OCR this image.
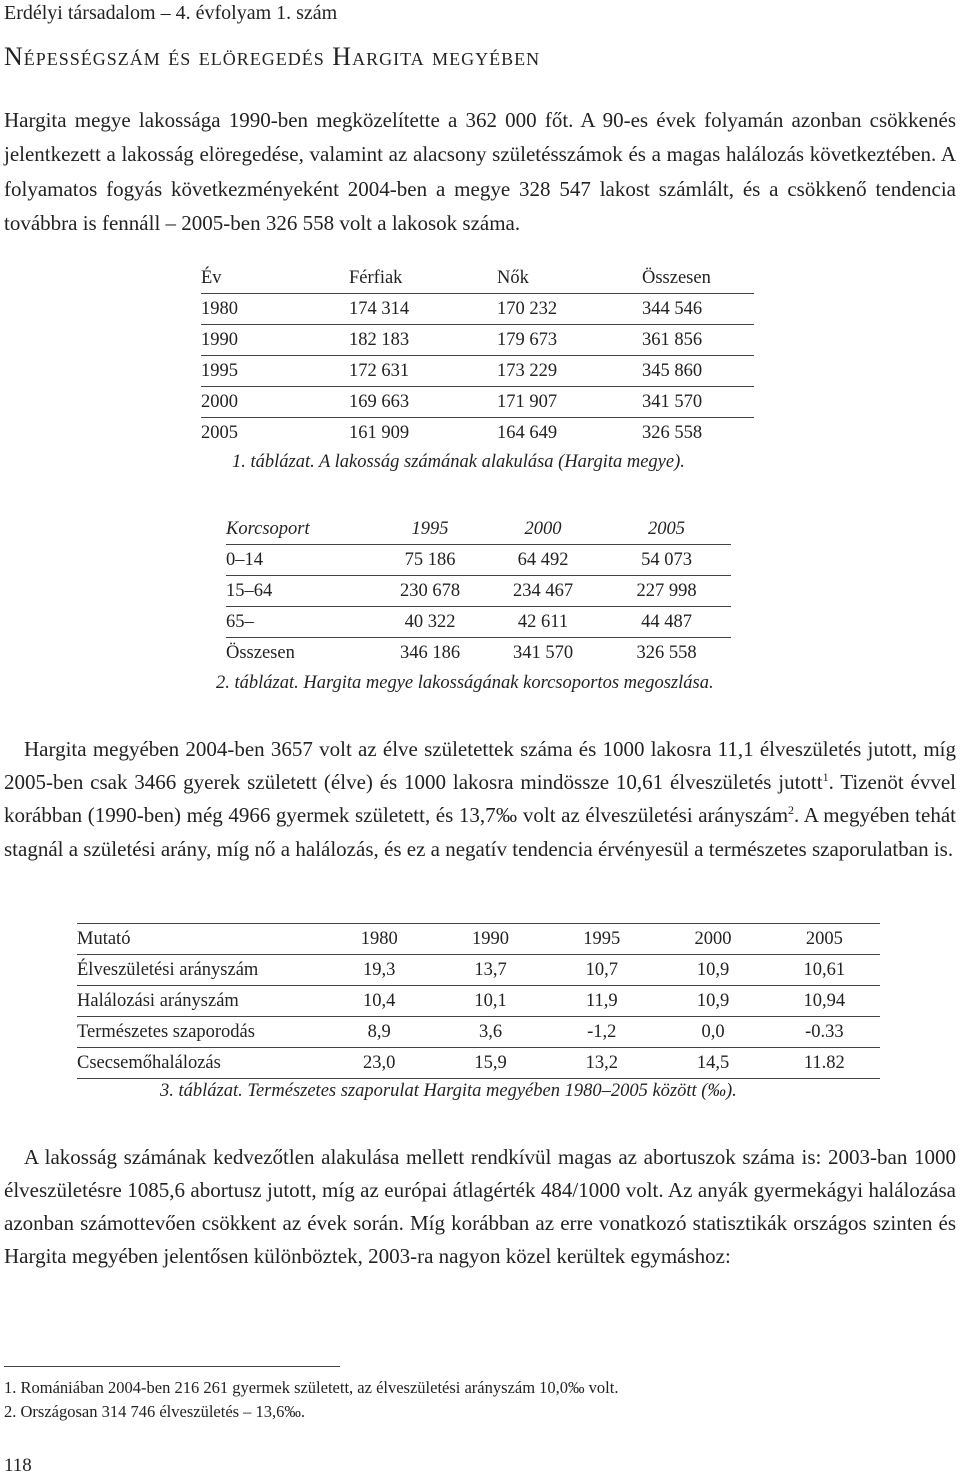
Erdélyi társadalom – 4. évfolyam 1. szám
Népességszám és elöregedés Hargita megyében

Hargita megye lakossága 1990-ben megközelítette a 362 000 főt. A 90-es évek folyamán azonban csökkenés jelentkezett a lakosság elöregedése, valamint az alacsony születésszámok és a magas halálozás következtében. A folyamatos fogyás következményeként 2004-ben a megye 328 547 lakost számlált, és a csökkenő tendencia továbbra is fennáll – 2005-ben 326 558 volt a lakosok száma.

Év	Férfiak	Nők	Összesen
1980	174 314	170 232	344 546
1990	182 183	179 673	361 856
1995	172 631	173 229	345 860
2000	169 663	171 907	341 570
2005	161 909	164 649	326 558
1. táblázat. A lakosság számának alakulása (Hargita megye).
Korcsoport	1995	2000	2005
0–14	75 186	64 492	54 073
15–64	230 678	234 467	227 998
65–	40 322	42 611	44 487
Összesen	346 186	341 570	326 558
2. táblázat. Hargita megye lakosságának korcsoportos megoszlása.

Hargita megyében 2004-ben 3657 volt az élve születettek száma és 1000 lakosra 11,1 élveszületés jutott, míg 2005-ben csak 3466 gyerek született (élve) és 1000 lakosra mindössze 10,61 élveszületés jutott$^1$. Tizenöt évvel korábban (1990-ben) még 4966 gyermek született, és 13,7‰ volt az élveszületési arányszám$^2$. A megyében tehát stagnál a születési arány, míg nő a halálozás, és ez a negatív tendencia érvényesül a természetes szaporulatban is.

Mutató	1980	1990	1995	2000	2005
Élveszületési arányszám	19,3	13,7	10,7	10,9	10,61
Halálozási arányszám	10,4	10,1	11,9	10,9	10,94
Természetes szaporodás	8,9	3,6	-1,2	0,0	-0.33
Csecsemőhalálozás	23,0	15,9	13,2	14,5	11.82
3. táblázat. Természetes szaporulat Hargita megyében 1980–2005 között (‰).

A lakosság számának kedvezőtlen alakulása mellett rendkívül magas az abortuszok száma is: 2003-ban 1000 élveszületésre 1085,6 abortusz jutott, míg az európai átlagérték 484/1000 volt. Az anyák gyermekágyi halálozása azonban számottevően csökkent az évek során. Míg korábban az erre vonatkozó statisztikák országos szinten és Hargita megyében jelentősen különböztek, 2003-ra nagyon közel kerültek egymáshoz:

1. Romániában 2004-ben 216 261 gyermek született, az élveszületési arányszám 10,0‰ volt.

2. Országosan 314 746 élveszületés – 13,6‰.

118
